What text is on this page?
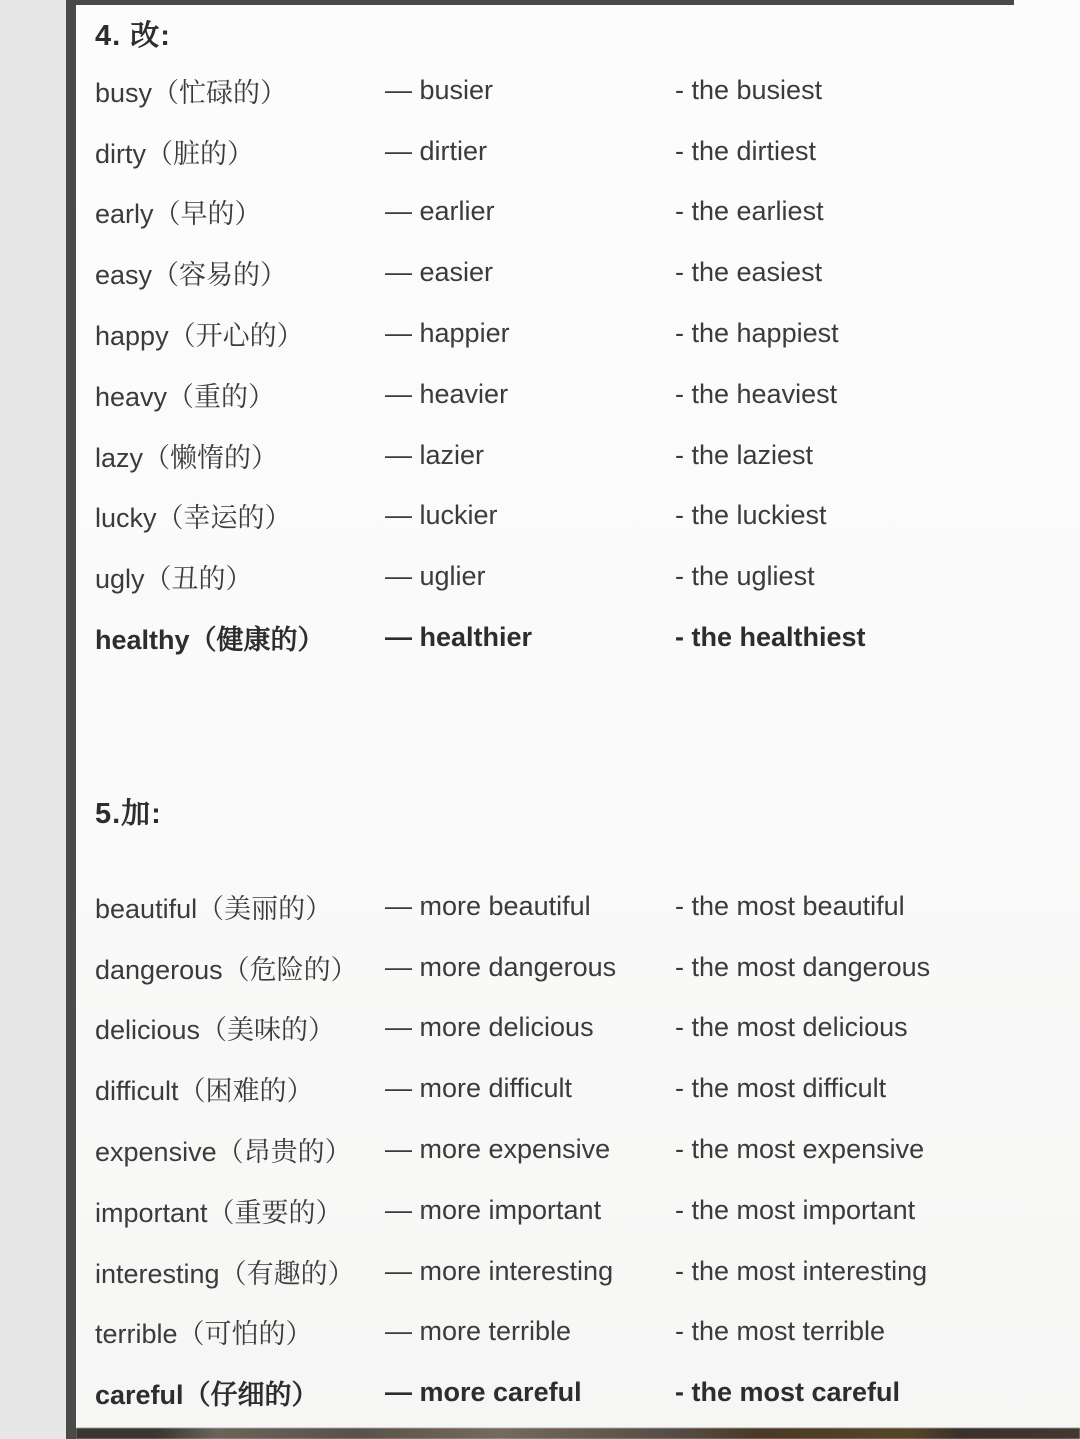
4. 改:
busy（忙碌的）	— busier	- the busiest
dirty（脏的）	— dirtier	- the dirtiest
early（早的）	— earlier	- the earliest
easy（容易的）	— easier	- the easiest
happy（开心的）	— happier	- the happiest
heavy（重的）	— heavier	- the heaviest
lazy（懒惰的）	— lazier	- the laziest
lucky（幸运的）	— luckier	- the luckiest
ugly（丑的）	— uglier	- the ugliest
healthy（健康的）	— healthier	- the healthiest
5.加:
beautiful（美丽的）	— more beautiful	- the most beautiful
dangerous（危险的）	— more dangerous	- the most dangerous
delicious（美味的）	— more delicious	- the most delicious
difficult（困难的）	— more difficult	- the most difficult
expensive（昂贵的）	— more expensive	- the most expensive
important（重要的）	— more important	- the most important
interesting（有趣的）	— more interesting	- the most interesting
terrible（可怕的）	— more terrible	- the most terrible
careful（仔细的）	— more careful	- the most careful
